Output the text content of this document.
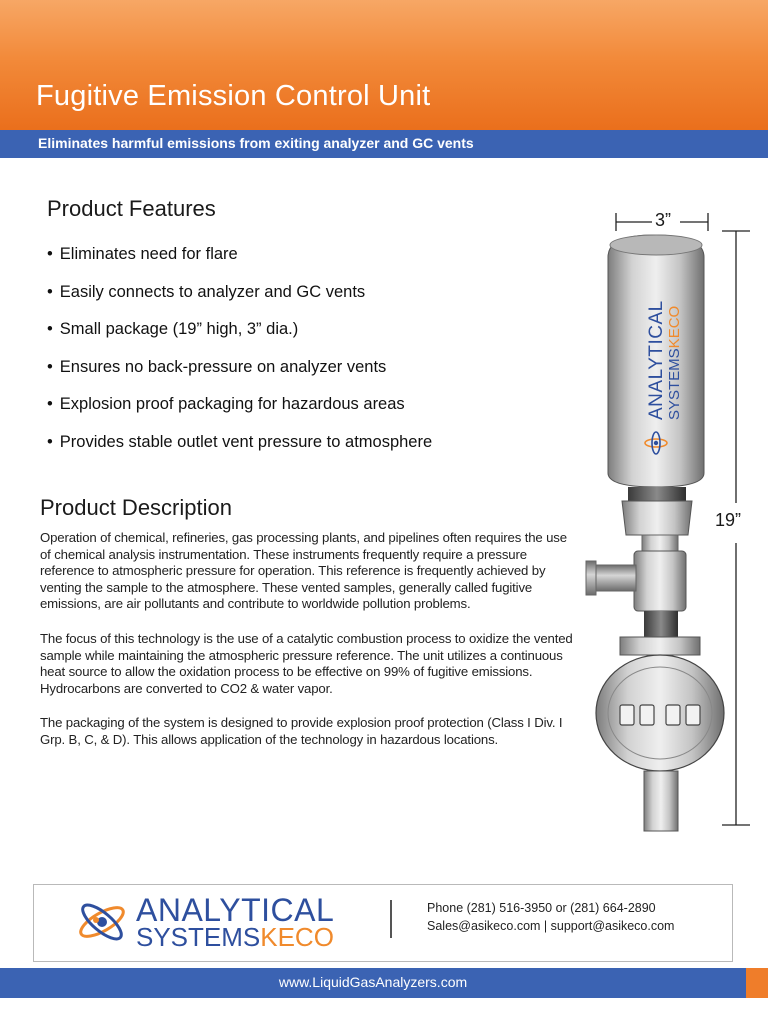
Fugitive Emission Control Unit
Eliminates harmful emissions from exiting analyzer and GC vents
Product Features
• Eliminates need for flare
• Easily connects to analyzer and GC vents
• Small package (19” high, 3” dia.)
• Ensures no back-pressure on analyzer vents
• Explosion proof packaging for hazardous areas
• Provides stable outlet vent pressure to atmosphere
Product Description

Operation of chemical, refineries, gas processing plants, and pipelines often requires the use of chemical analysis instrumentation. These instruments frequently require a pressure reference to atmospheric pressure for operation. This reference is frequently achieved by venting the sample to the atmosphere. These vented samples, generally called fugitive emissions, are air pollutants and contribute to worldwide pollution problems.

The focus of this technology is the use of a catalytic combustion process to oxidize the vented sample while maintaining the atmospheric pressure reference. The unit utilizes a continuous heat source to allow the oxidation process to be effective on 99% of fugitive emissions. Hydrocarbons are converted to CO2 & water vapor.

The packaging of the system is designed to provide explosion proof protection (Class I Div. I Grp. B, C, & D). This allows application of the technology in hazardous locations.

ANALYTICAL SYSTEMSKECO
3”
19”
ANALYTICAL
SYSTEMSKECO
Phone (281) 516-3950 or (281) 664-2890
Sales@asikeco.com | support@asikeco.com
www.LiquidGasAnalyzers.com
